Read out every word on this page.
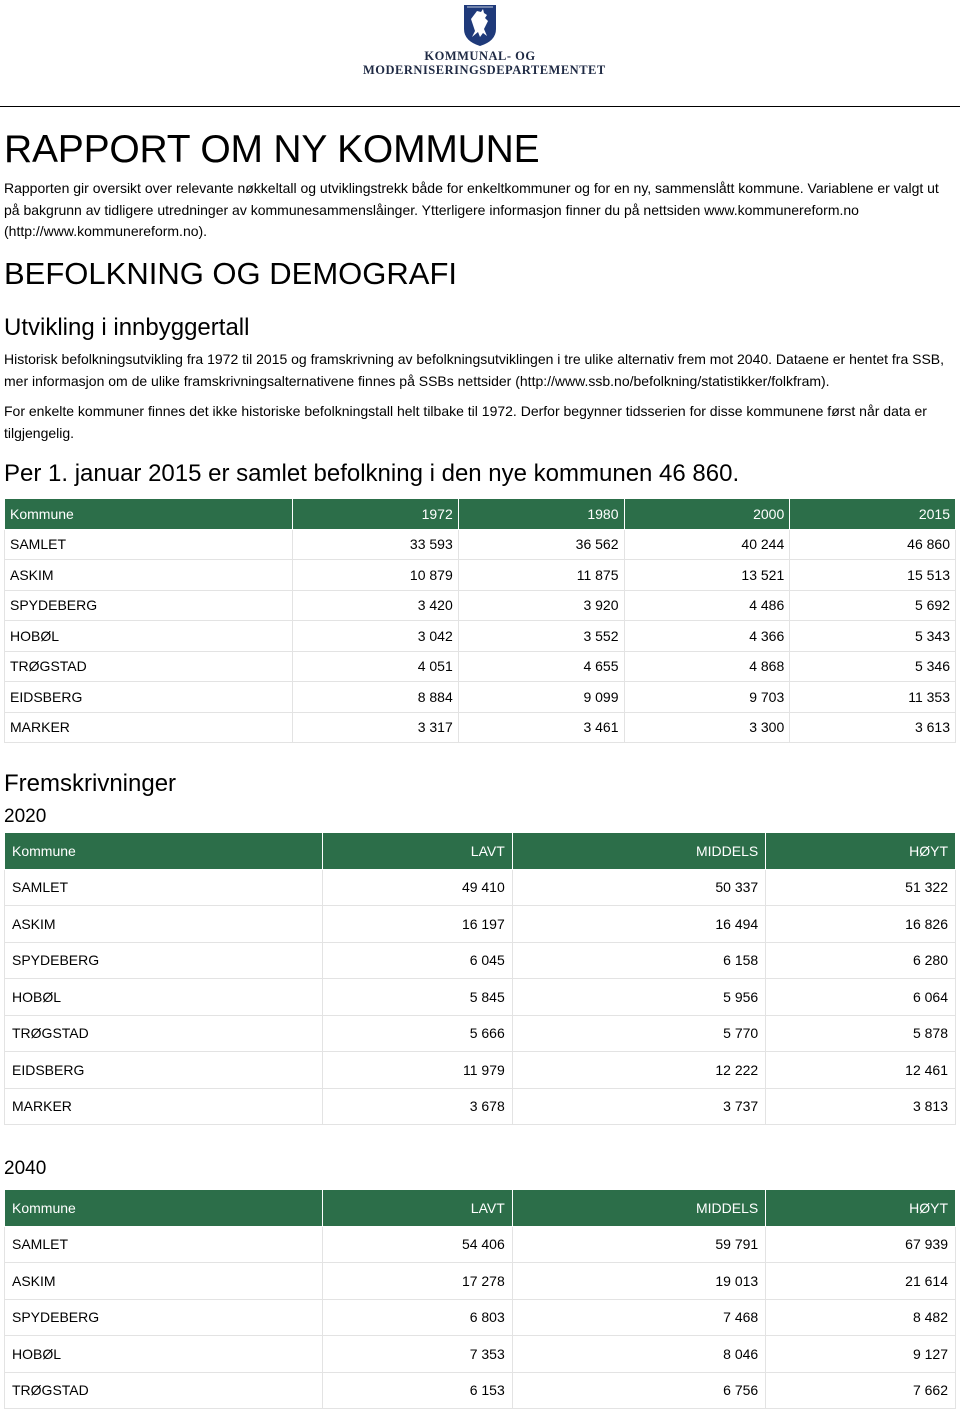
KOMMUNAL- OG
MODERNISERINGSDEPARTEMENTET
RAPPORT OM NY KOMMUNE
Rapporten gir oversikt over relevante nøkkeltall og utviklingstrekk både for enkeltkommuner og for en ny, sammenslått kommune. Variablene er valgt ut på bakgrunn av tidligere utredninger av kommunesammenslåinger. Ytterligere informasjon finner du på nettsiden www.kommunereform.no (http://www.kommunereform.no).
BEFOLKNING OG DEMOGRAFI
Utvikling i innbyggertall
Historisk befolkningsutvikling fra 1972 til 2015 og framskrivning av befolkningsutviklingen i tre ulike alternativ frem mot 2040. Dataene er hentet fra SSB, mer informasjon om de ulike framskrivningsalternativene finnes på SSBs nettsider (http://www.ssb.no/befolkning/statistikker/folkfram).
For enkelte kommuner finnes det ikke historiske befolkningstall helt tilbake til 1972. Derfor begynner tidsserien for disse kommunene først når data er tilgjengelig.
Per 1. januar 2015 er samlet befolkning i den nye kommunen 46 860.
Kommune	1972	1980	2000	2015
SAMLET	33 593	36 562	40 244	46 860
ASKIM	10 879	11 875	13 521	15 513
SPYDEBERG	3 420	3 920	4 486	5 692
HOBØL	3 042	3 552	4 366	5 343
TRØGSTAD	4 051	4 655	4 868	5 346
EIDSBERG	8 884	9 099	9 703	11 353
MARKER	3 317	3 461	3 300	3 613
Fremskrivninger
2020
Kommune	LAVT	MIDDELS	HØYT
SAMLET	49 410	50 337	51 322
ASKIM	16 197	16 494	16 826
SPYDEBERG	6 045	6 158	6 280
HOBØL	5 845	5 956	6 064
TRØGSTAD	5 666	5 770	5 878
EIDSBERG	11 979	12 222	12 461
MARKER	3 678	3 737	3 813
2040
Kommune	LAVT	MIDDELS	HØYT
SAMLET	54 406	59 791	67 939
ASKIM	17 278	19 013	21 614
SPYDEBERG	6 803	7 468	8 482
HOBØL	7 353	8 046	9 127
TRØGSTAD	6 153	6 756	7 662
